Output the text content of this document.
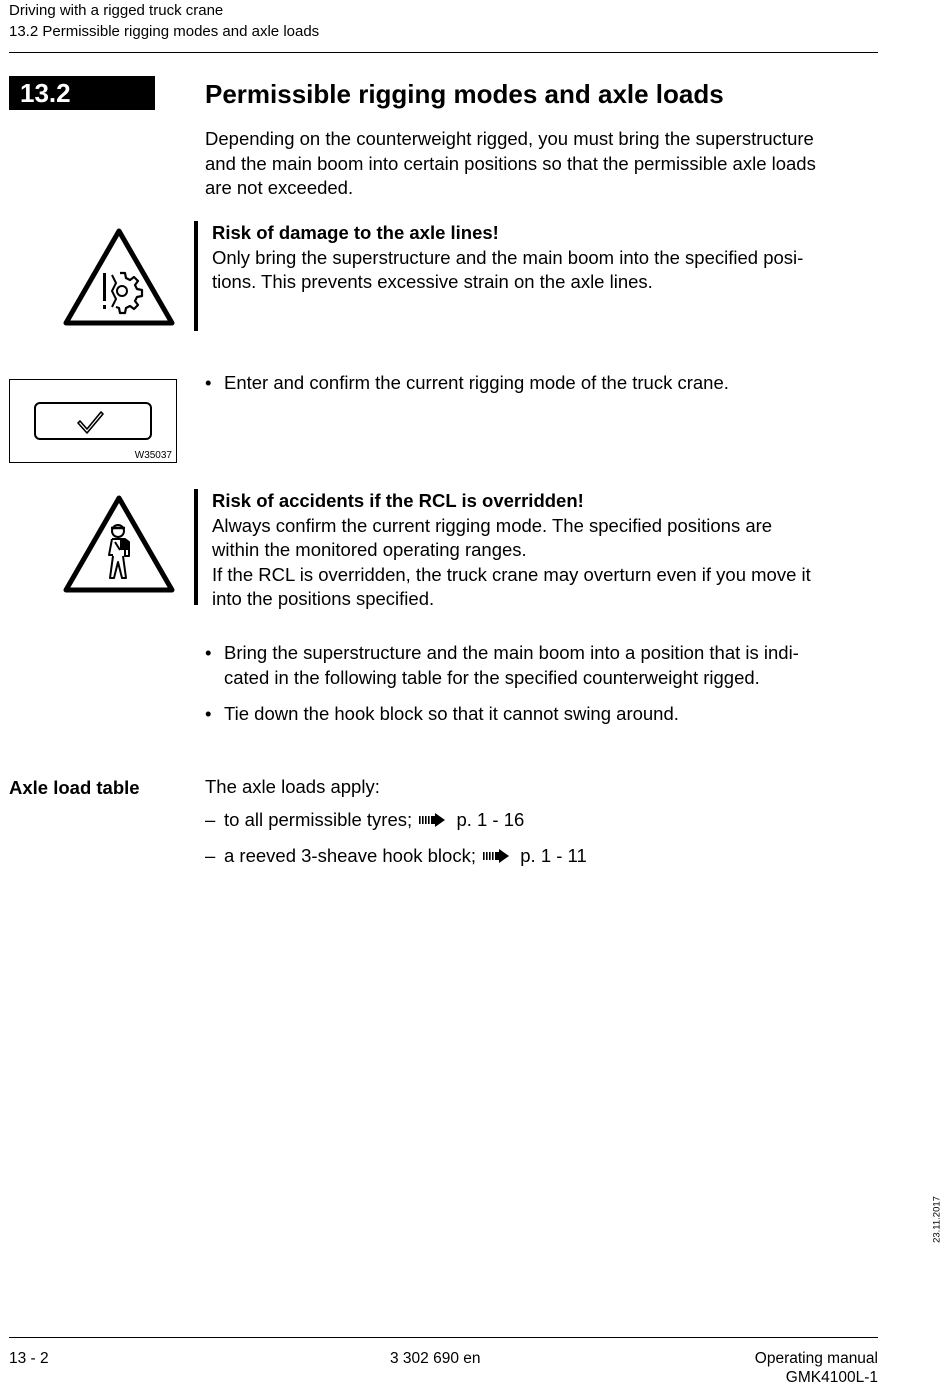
Driving with a rigged truck crane
13.2 Permissible rigging modes and axle loads
13.2	Permissible rigging modes and axle loads
Depending on the counterweight rigged, you must bring the superstructure
and the main boom into certain positions so that the permissible axle loads
are not exceeded.
Risk of damage to the axle lines!
Only bring the superstructure and the main boom into the specified posi-
tions. This prevents excessive strain on the axle lines.
W35037
• Enter and confirm the current rigging mode of the truck crane.
Risk of accidents if the RCL is overridden!
Always confirm the current rigging mode. The specified positions are
within the monitored operating ranges.
If the RCL is overridden, the truck crane may overturn even if you move it
into the positions specified.
• Bring the superstructure and the main boom into a position that is indi-
cated in the following table for the specified counterweight rigged.
• Tie down the hook block so that it cannot swing around.
Axle load table	The axle loads apply:
– to all permissible tyres; p. 1 - 16
– a reeved 3-sheave hook block; p. 1 - 11
23.11.2017
13 - 2	3 302 690 en	Operating manual
GMK4100L-1
